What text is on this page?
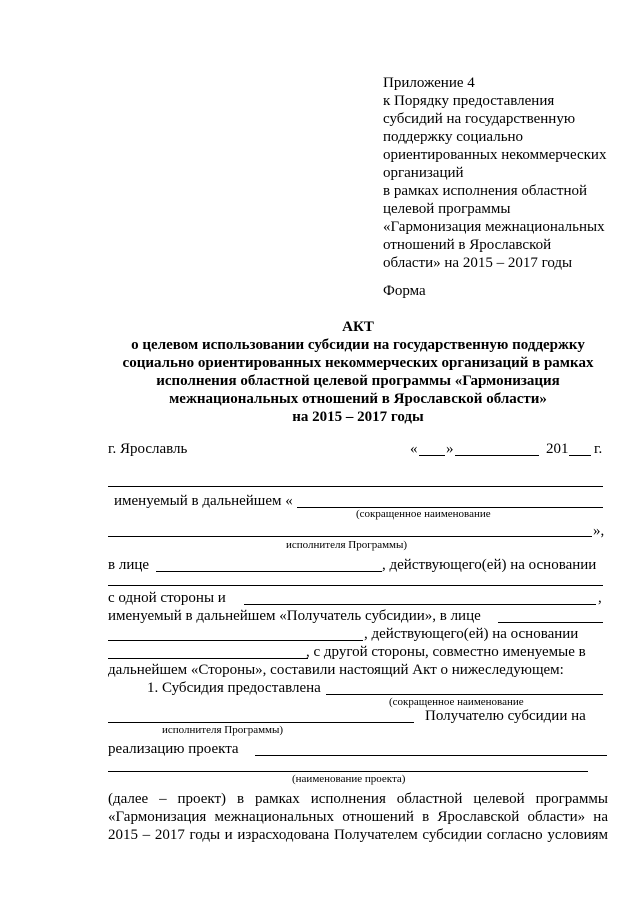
Приложение 4
к Порядку предоставления
субсидий на государственную
поддержку социально
ориентированных некоммерческих
организаций
в рамках исполнения областной
целевой программы
«Гармонизация межнациональных
отношений в Ярославской
области» на 2015 – 2017 годы
Форма
АКТ
о целевом использовании субсидии на государственную поддержку
социально ориентированных некоммерческих организаций в рамках
исполнения областной целевой программы «Гармонизация
межнациональных отношений в Ярославской области»
на 2015 – 2017 годы
г. Ярославль	« »	201 г.
именуемый в дальнейшем «
(сокращенное наименование
»,
исполнителя Программы)
в лице	, действующего(ей) на основании
с одной стороны и	,
именуемый в дальнейшем «Получатель субсидии», в лице
, действующего(ей) на основании
, с другой стороны, совместно именуемые в
дальнейшем «Стороны», составили настоящий Акт о нижеследующем:
1. Субсидия предоставлена
(сокращенное наименование
Получателю субсидии на
исполнителя Программы)
реализацию проекта
(наименование проекта)
(далее – проект) в рамках исполнения областной целевой программы
«Гармонизация межнациональных отношений в Ярославской области» на
2015 – 2017 годы и израсходована Получателем субсидии согласно условиям
